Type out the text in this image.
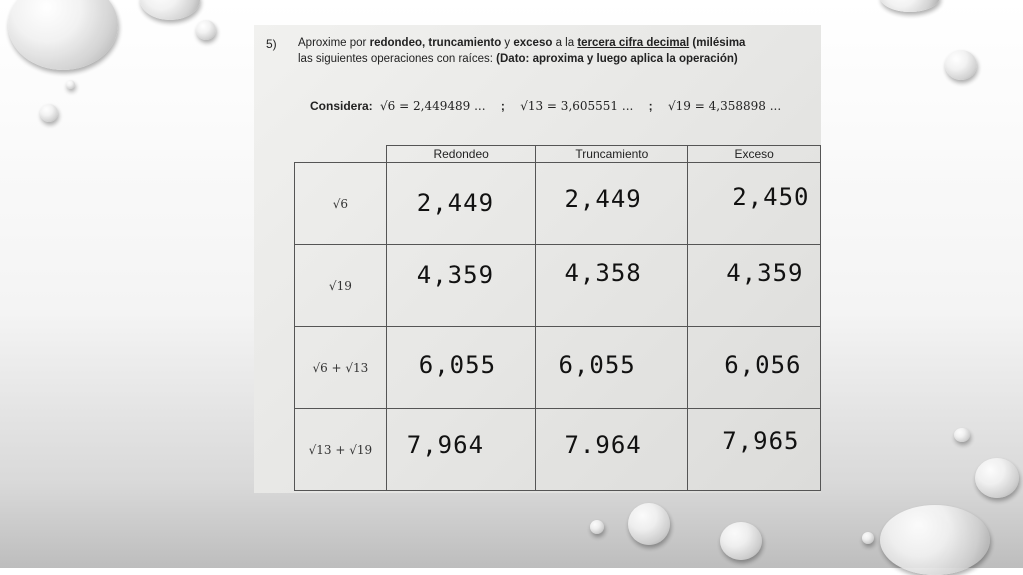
5) Aproxime por redondeo, truncamiento y exceso a la tercera cifra decimal (milésima
las siguientes operaciones con raíces: (Dato: aproxima y luego aplica la operación)
Considera: √6 = 2,449489 ... ; √13 = 3,605551 ... ; √19 = 4,358898 ...
	Redondeo	Truncamiento	Exceso
√6	2,449	2,449	2,450

√19	4,359	4,358	4,359

√6 + √13	6,055	6,055	6,056

√13 + √19	7,964	7.964	7,965
